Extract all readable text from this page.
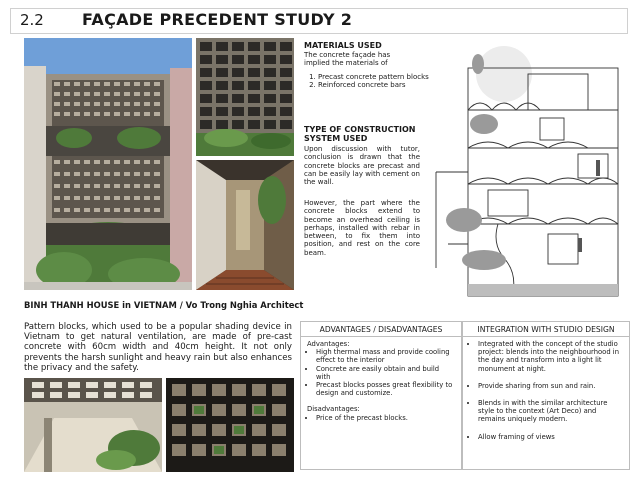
2.2 FAÇADE PRECEDENT STUDY 2
MATERIALS USED
The concrete façade has implied the materials of
1. Precast concrete pattern blocks
2. Reinforced concrete bars
TYPE OF CONSTRUCTION
SYSTEM USED
Upon discussion with tutor, conclusion is drawn that the concrete blocks are precast and can be easily lay with cement on the wall.
However, the part where the concrete blocks extend to become an overhead ceiling is perhaps, installed with rebar in between, to fix them into position, and rest on the core beam.
BINH THANH HOUSE in VIETNAM / Vo Trong Nghia Architect
Pattern blocks, which used to be a popular shading device in Vietnam to get natural ventilation, are made of pre-cast concrete with 60cm width and 40cm height. It not only prevents the harsh sunlight and heavy rain but also enhances the privacy and the safety.
ADVANTAGES / DISADVANTAGES
Advantages:
• High thermal mass and provide cooling effect to the interior
• Concrete are easily obtain and build with
• Precast blocks posses great flexibility to design and customize.
Disadvantages:
• Price of the precast blocks.
INTEGRATION WITH STUDIO DESIGN
• Integrated with the concept of the studio project: blends into the neighbourhood in the day and transform into a light lit monument at night.
• Provide sharing from sun and rain.
• Blends in with the similar architecture style to the context (Art Deco) and remains uniquely modern.
• Allow framing of views
